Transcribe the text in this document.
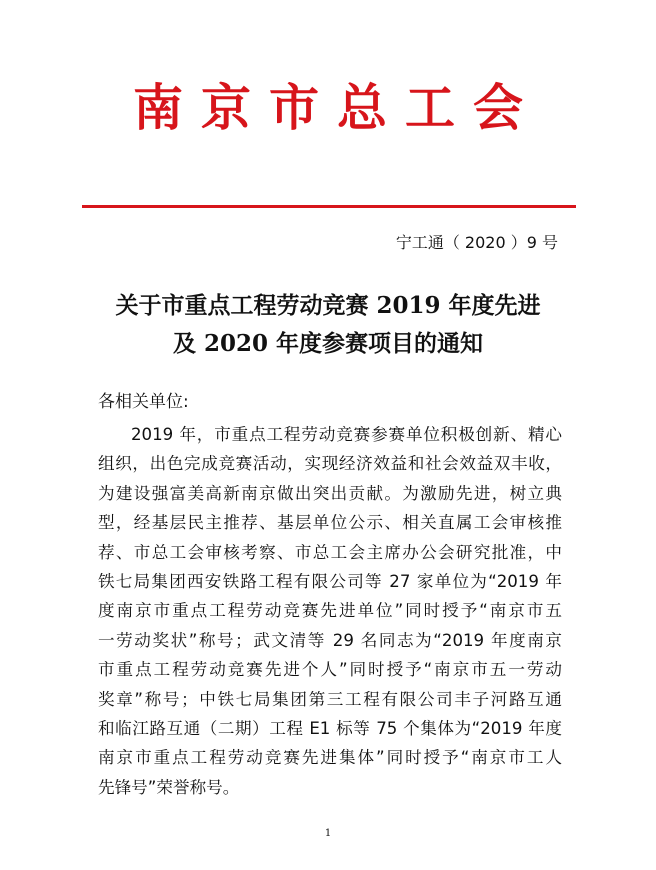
南京市总工会
宁工通（ 2020 ）9 号
关于市重点工程劳动竞赛 2019 年度先进
及 2020 年度参赛项目的通知
各相关单位:
2019 年，市重点工程劳动竞赛参赛单位积极创新、精心
组织，出色完成竞赛活动，实现经济效益和社会效益双丰收，
为建设强富美高新南京做出突出贡献。为激励先进，树立典
型，经基层民主推荐、基层单位公示、相关直属工会审核推
荐、市总工会审核考察、市总工会主席办公会研究批准，中
铁七局集团西安铁路工程有限公司等 27 家单位为“2019 年
度南京市重点工程劳动竞赛先进单位”同时授予“南京市五
一劳动奖状”称号；武文清等 29 名同志为“2019 年度南京
市重点工程劳动竞赛先进个人”同时授予“南京市五一劳动
奖章”称号；中铁七局集团第三工程有限公司丰子河路互通
和临江路互通（二期）工程 E1 标等 75 个集体为“2019 年度
南京市重点工程劳动竞赛先进集体”同时授予“南京市工人
先锋号”荣誉称号。
1
